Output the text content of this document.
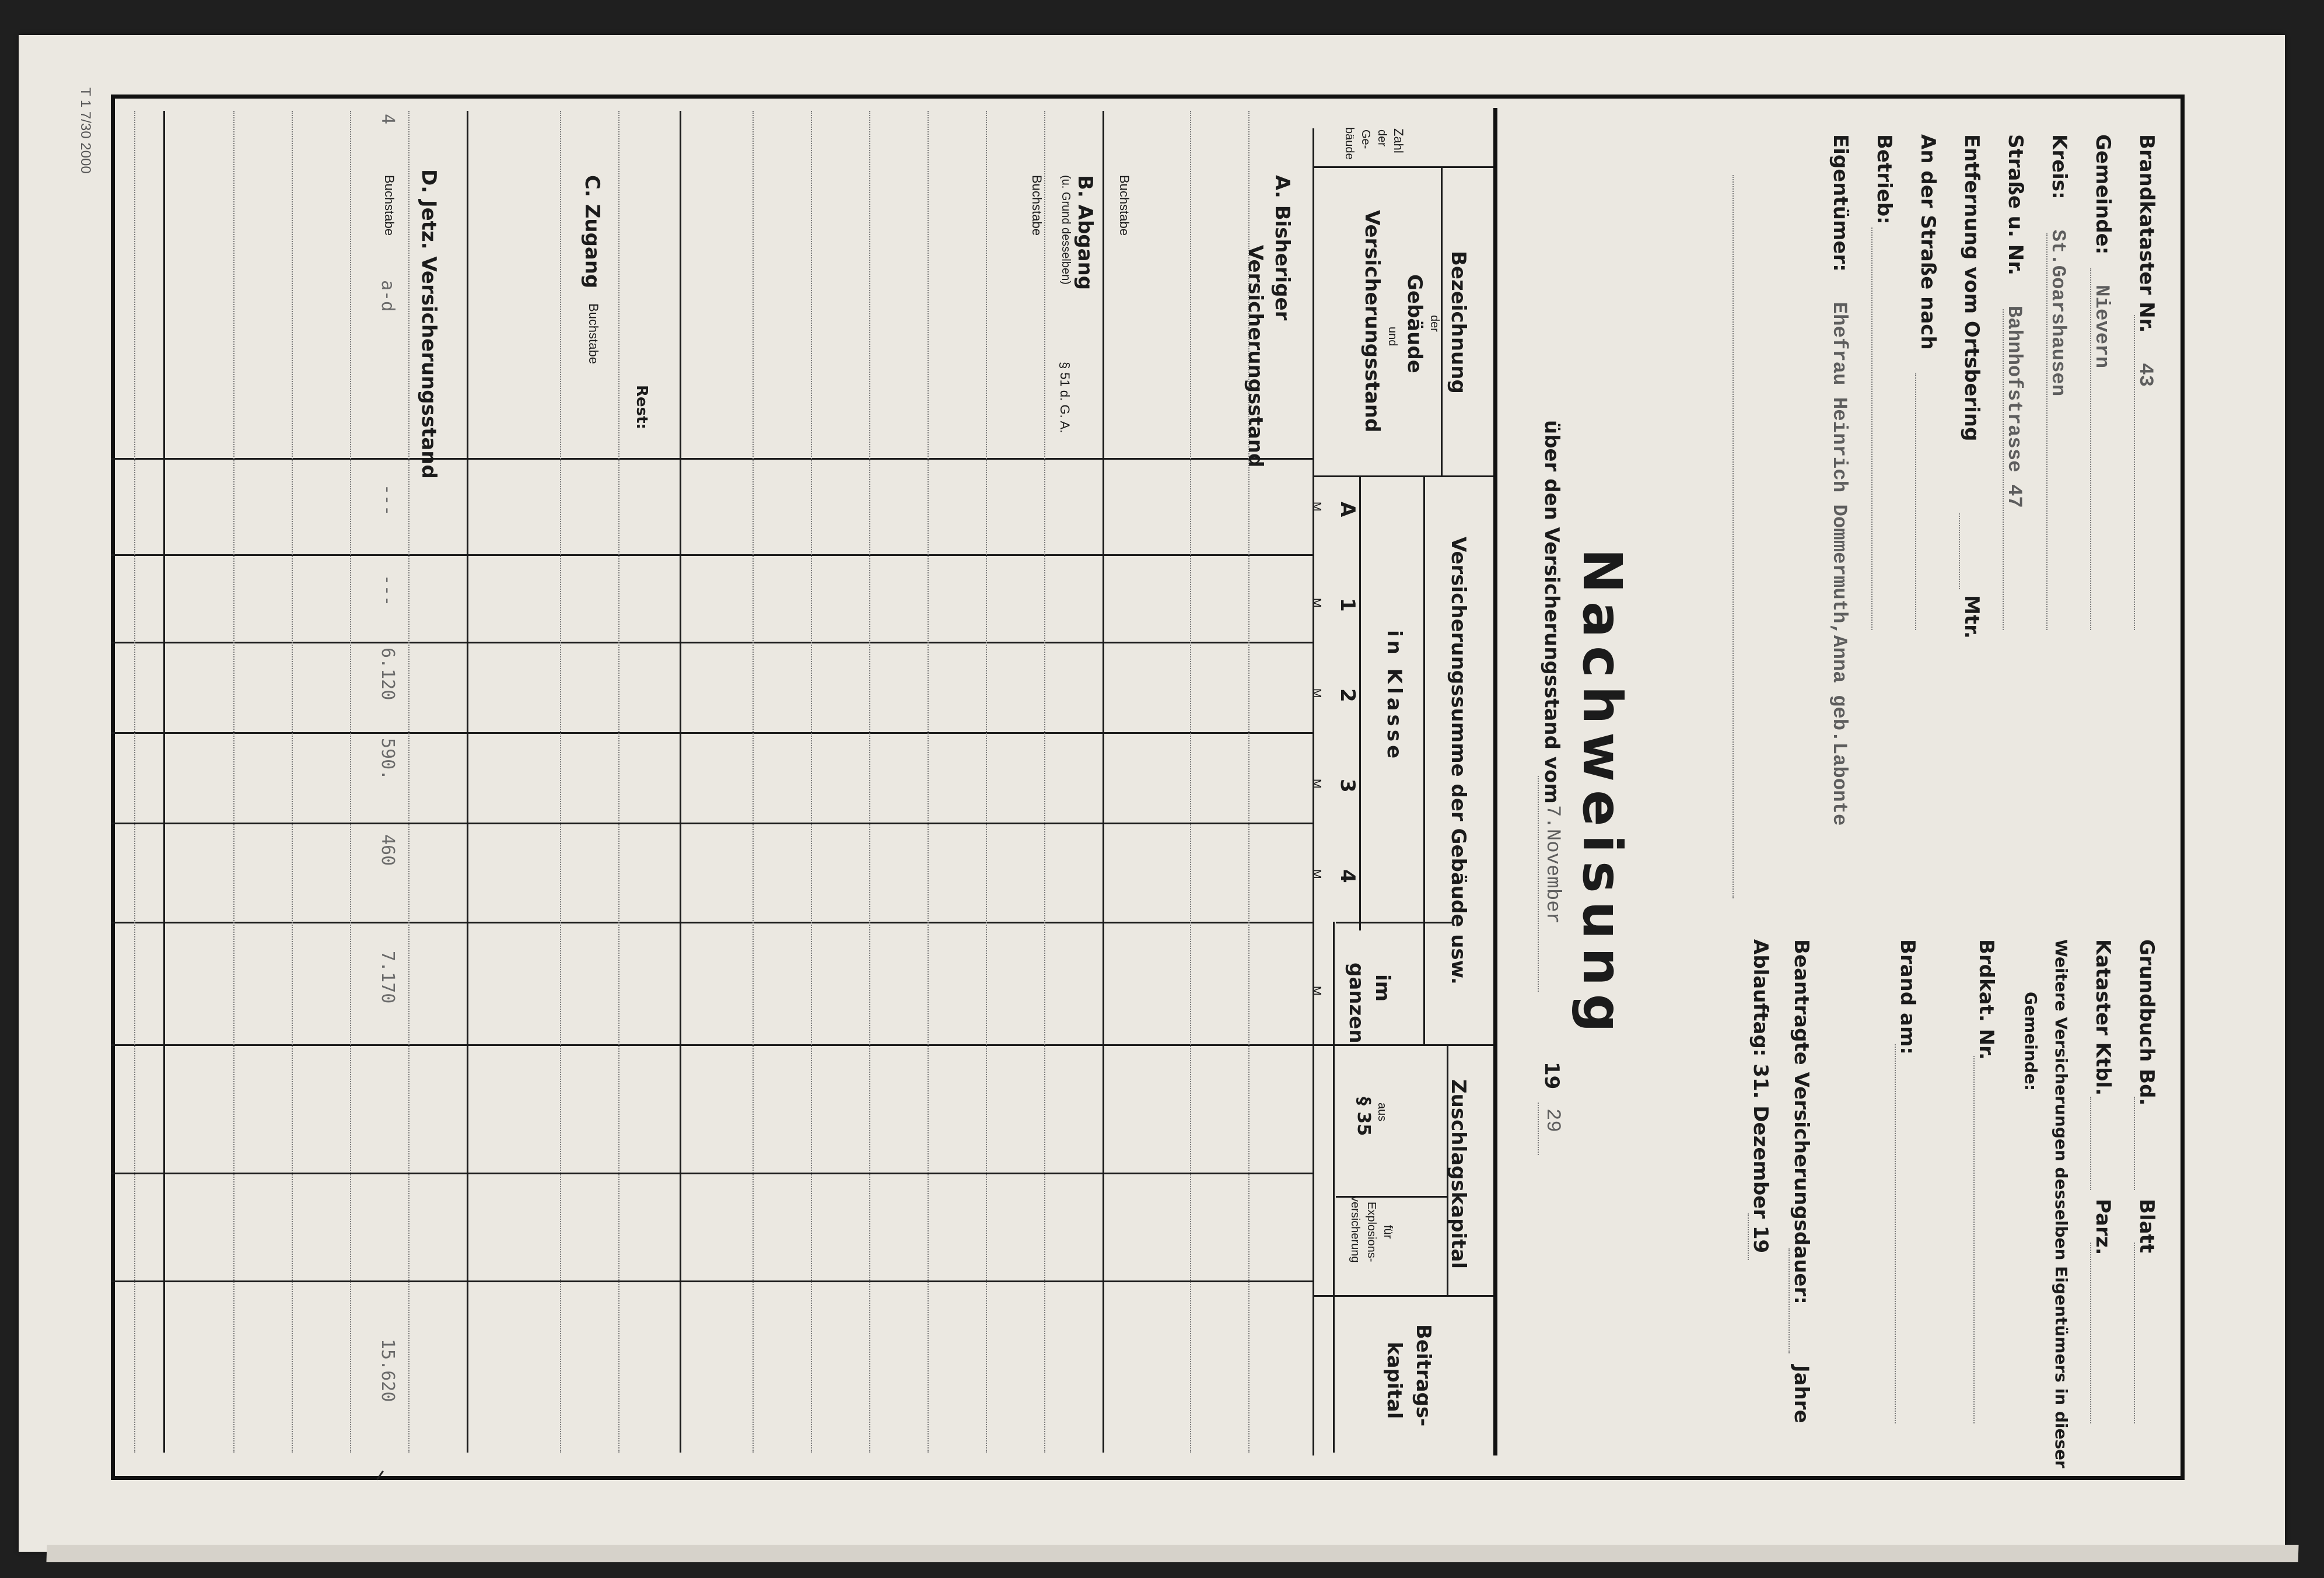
T 1 7/30 2000
Brandkataster Nr. 43
Gemeinde: Nievern
Kreis: St.Goarshausen
Straße u. Nr. Bahnhofstrasse 47
Entfernung vom Ortsbering
Mtr.
An der Straße nach
Betrieb:
Eigentümer: Ehefrau Heinrich Dommermuth,Anna geb.Labonte
Grundbuch Bd.
Blatt
Kataster Ktbl.
Parz.
Weitere Versicherungen desselben Eigentümers in dieser
Gemeinde:
Brdkat. Nr.
Brand am:
Beantragte Versicherungsdauer:
Jahre
Ablauftag: 31. Dezember 19
Nachweisung
über den Versicherungsstand vom
7.November
19
29
Zahl
der
Ge-
bäude
Bezeichnung
der
Gebäude
und
Versicherungsstand
Versicherungssumme der Gebäude usw.
in Klasse
A
1
2
3
4
im
ganzen
M
M
M
M
M
M
Zuschlagskapital
aus
§ 35
für
Explosions-
versicherung
Beitrags-
kapital
A. Bisheriger
Versicherungsstand
Buchstabe
B. Abgang
(u. Grund desselben)
§ 51 d. G. A.
Buchstabe
C. Zugang
Buchstabe
Rest:
D. Jetz. Versicherungsstand
Buchstabe
a-d
4
---
---
6.120
590.
460
7.170
15.620
